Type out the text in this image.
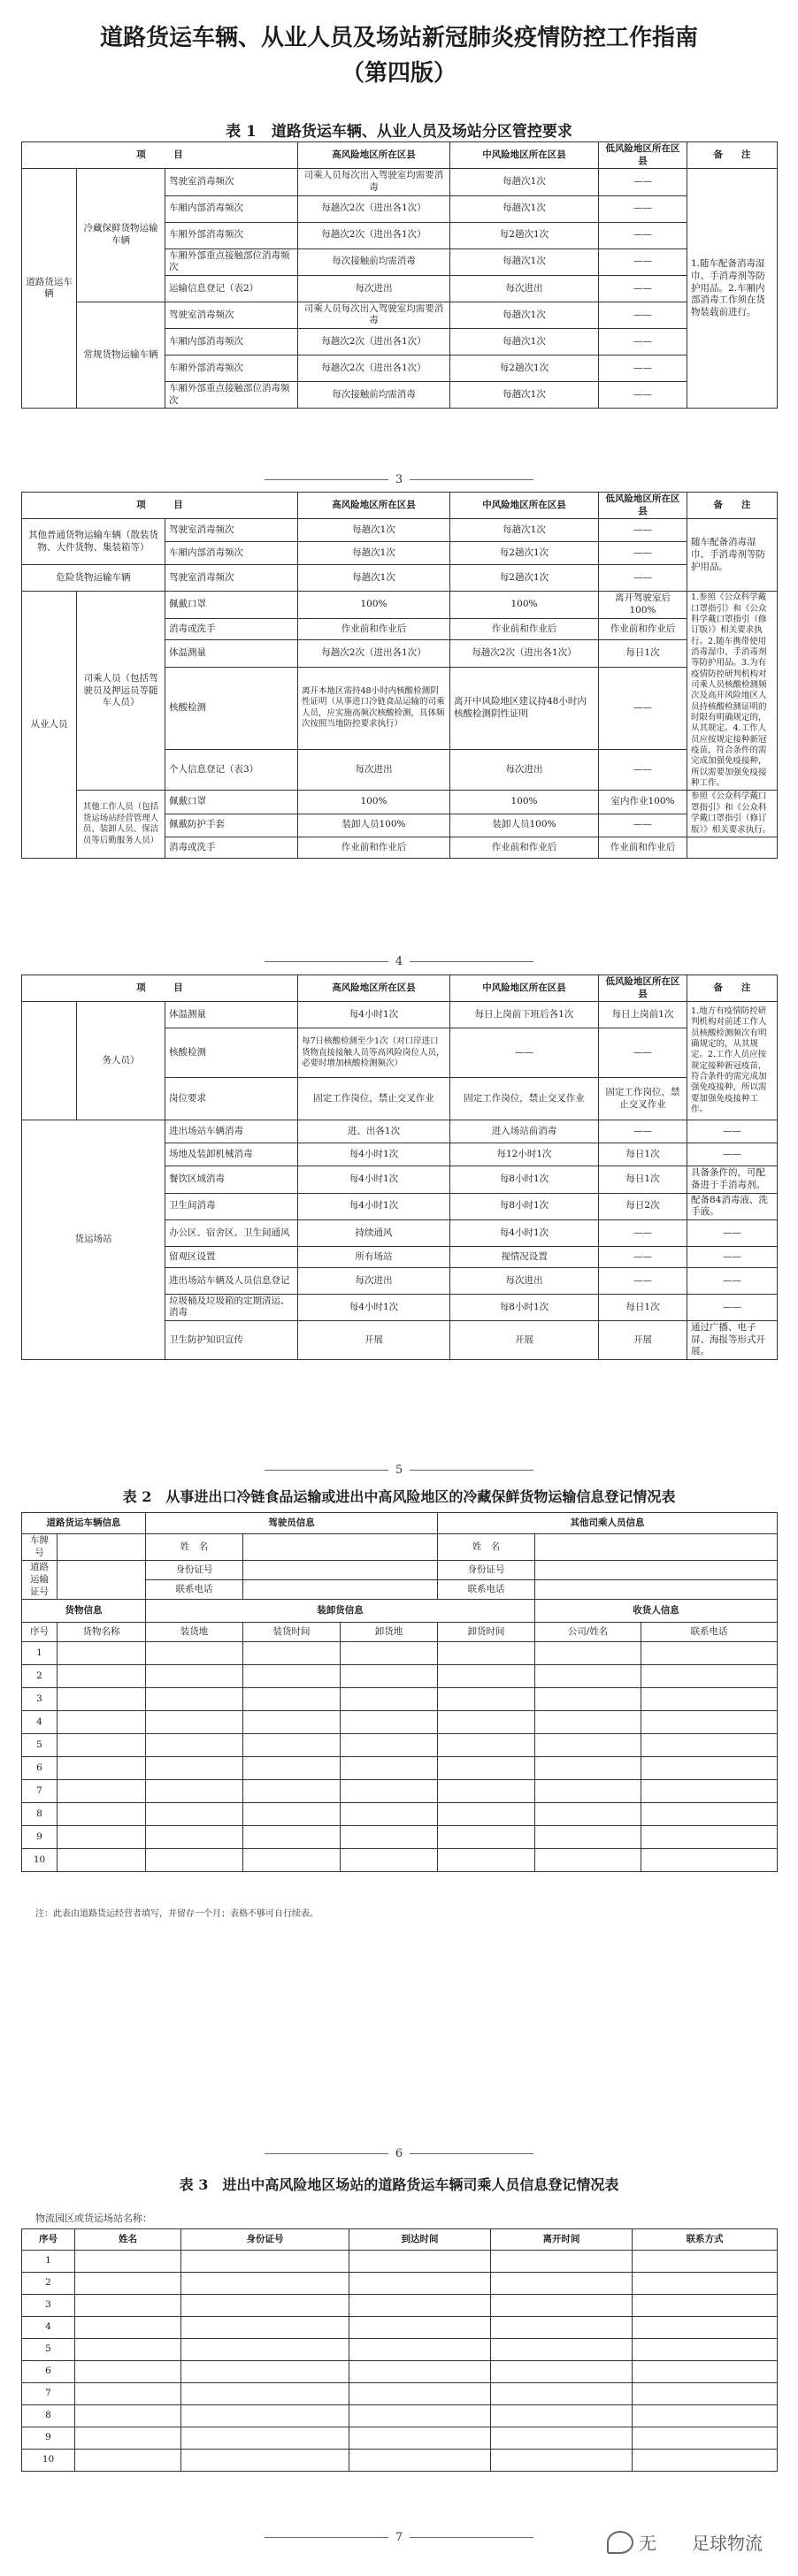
道路货运车辆、从业人员及场站新冠肺炎疫情防控工作指南
（第四版）
表 1　道路货运车辆、从业人员及场站分区管控要求
项　　　目			高风险地区所在区县	中风险地区所在区县	低风险地区所在区县	备　　注
道路货运车辆	冷藏保鲜货物运输车辆	驾驶室消毒频次	司乘人员每次出入驾驶室均需要消毒	每趟次1次	——	1.随车配备消毒湿巾、手消毒剂等防护用品。2.车厢内部消毒工作须在货物装载前进行。
		车厢内部消毒频次	每趟次2次（进出各1次）	每趟次1次	——	
		车厢外部消毒频次	每趟次2次（进出各1次）	每2趟次1次	——	
		车厢外部重点接触部位消毒频次	每次接触前均需消毒	每趟次1次	——	
		运输信息登记（表2）	每次进出	每次进出	——	
	常规货物运输车辆	驾驶室消毒频次	司乘人员每次出入驾驶室均需要消毒	每趟次1次	——	
		车厢内部消毒频次	每趟次2次（进出各1次）	每趟次1次	——	
		车厢外部消毒频次	每趟次2次（进出各1次）	每2趟次1次	——	
		车厢外部重点接触部位消毒频次	每次接触前均需消毒	每趟次1次	——	
3
项　　　目			高风险地区所在区县	中风险地区所在区县	低风险地区所在区县	备　　注
其他普通货物运输车辆（散装货物、大件货物、集装箱等）		驾驶室消毒频次	每趟次1次	每趟次1次	——	随车配备消毒湿巾、手消毒剂等防护用品。
		车厢内部消毒频次	每趟次1次	每2趟次1次	——	
危险货物运输车辆		驾驶室消毒频次	每趟次1次	每2趟次1次	——	
从业人员	司乘人员（包括驾驶员及押运员等随车人员）	佩戴口罩	100%	100%	离开驾驶室后100%	1.参照《公众科学戴口罩指引》和《公众科学戴口罩指引（修订版）》相关要求执行。2.随车携带使用消毒湿巾、手消毒剂等防护用品。3.为有疫情防控研判机构对司乘人员核酸检测频次及高开风险地区人员持核酸检测证明的时限有明确规定的，从其规定。4.工作人员应按规定接种新冠疫苗，符合条件的需完成加强免疫接种，所以需要加强免疫接种工作。
		消毒或洗手	作业前和作业后	作业前和作业后	作业前和作业后	
		体温测量	每趟次2次（进出各1次）	每趟次2次（进出各1次）	每日1次	
		核酸检测	离开本地区需持48小时内核酸检测阴性证明（从事进口冷链食品运输的司乘人员，应实施高频次核酸检测，具体频次按照当地防控要求执行）	离开中风险地区建议持48小时内核酸检测阴性证明	——	
		个人信息登记（表3）	每次进出	每次进出	——	
	其他工作人员（包括货运场站经营管理人员、装卸人员、保洁员等后勤服务人员）	佩戴口罩	100%	100%	室内作业100%	参照《公众科学戴口罩指引》和《公众科学戴口罩指引（修订版）》相关要求执行。
		佩戴防护手套	装卸人员100%	装卸人员100%	——	
		消毒或洗手	作业前和作业后	作业前和作业后	作业前和作业后	
4
项　　　目			高风险地区所在区县	中风险地区所在区县	低风险地区所在区县	备　　注
	务人员）	体温测量	每4小时1次	每日上岗前下班后各1次	每日上岗前1次	1.地方有疫情防控研判机构对前述工作人员核酸检测频次有明确规定的，从其规定。2.工作人员应按规定接种新冠疫苗，符合条件的需完成加强免疫接种，所以需要加强免疫接种工作。
		核酸检测	每7日核酸检测至少1次（对口岸进口货物直接接触人员等高风险岗位人员，必要时增加核酸检测频次）	——	——	
		岗位要求	固定工作岗位，禁止交叉作业	固定工作岗位，禁止交叉作业	固定工作岗位，禁止交叉作业	
货运场站		进出场站车辆消毒	进、出各1次	进入场站前消毒	——	——
		场地及装卸机械消毒	每4小时1次	每12小时1次	每日1次	——
		餐饮区域消毒	每4小时1次	每8小时1次	每日1次	具备条件的，可配备进于手消毒剂。
		卫生间消毒	每4小时1次	每8小时1次	每日2次	配备84消毒液、洗手液。
		办公区、宿舍区、卫生间通风	持续通风	每4小时1次	——	——
		留观区设置	所有场站	视情况设置	——	——
		进出场站车辆及人员信息登记	每次进出	每次进出	——	——
		垃圾桶及垃圾箱的定期清运、消毒	每4小时1次	每8小时1次	每日1次	——
		卫生防护知识宣传	开展	开展	开展	通过广播、电子屏、海报等形式开展。
5
表 2　从事进出口冷链食品运输或进出中高风险地区的冷藏保鲜货物运输信息登记情况表
道路货运车辆信息		驾驶员信息			其他司乘人员信息		
车牌号		姓　名			姓　名		
道路运输证号		身份证号			身份证号		
		联系电话			联系电话		
货物信息		装卸货信息				收货人信息	
序号	货物名称	装货地	装货时间	卸货地	卸货时间	公司/姓名	联系电话
1							
2							
3							
4							
5							
6							
7							
8							
9							
10							
注：此表由道路货运经营者填写，并留存一个月；表格不够可自行续表。
6
表 3　进出中高风险地区场站的道路货运车辆司乘人员信息登记情况表
物流园区或货运场站名称：
序号	姓名	身份证号	到达时间	离开时间	联系方式
1					
2					
3					
4					
5					
6					
7					
8					
9					
10					
7	无　　足球物流
